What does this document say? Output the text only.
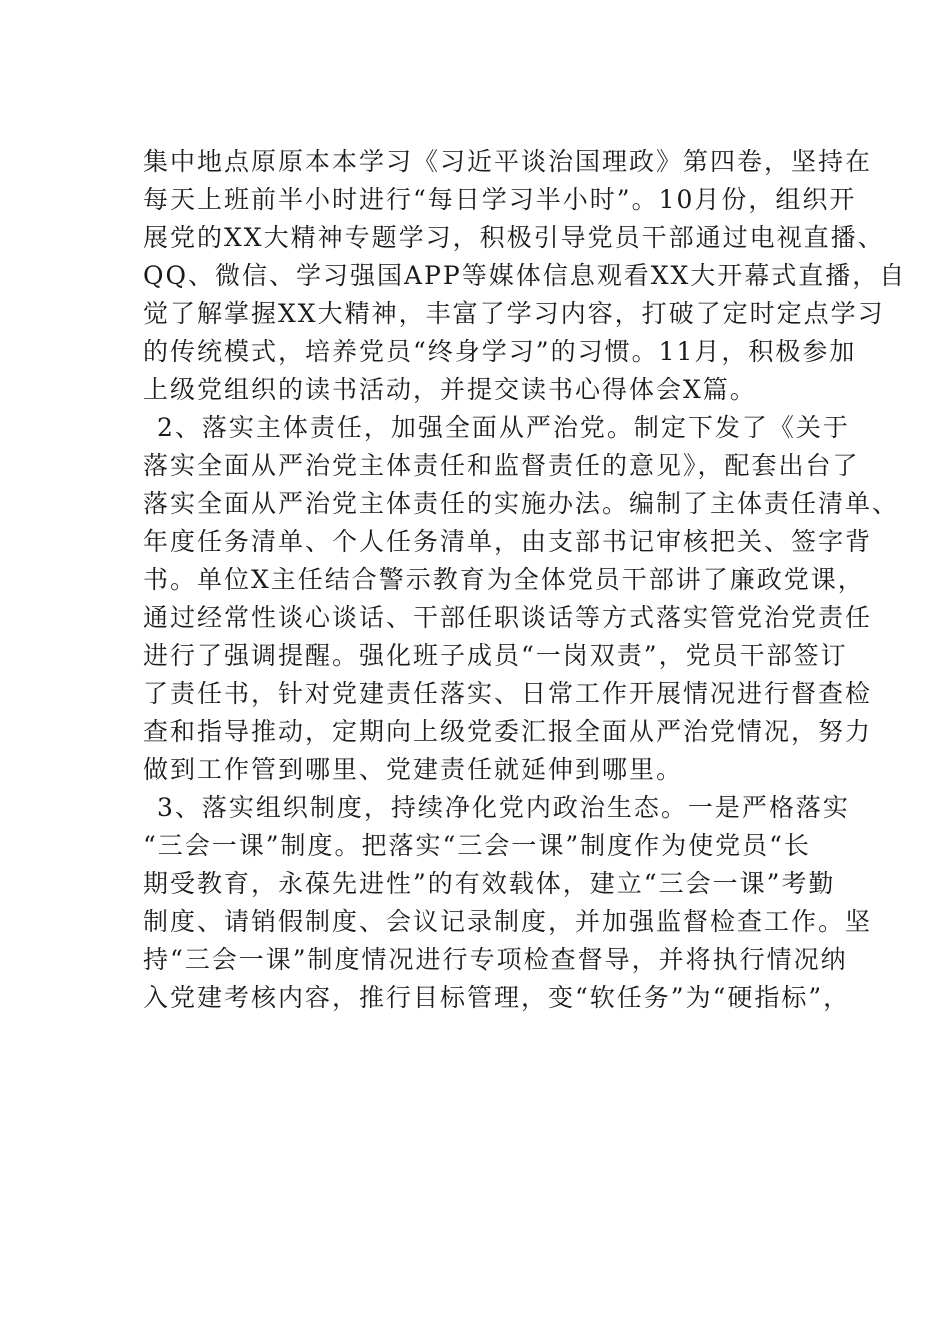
集中地点原原本本学习《习近平谈治国理政》第四卷，坚持在
每天上班前半小时进行“每日学习半小时”。10月份，组织开
展党的XX大精神专题学习，积极引导党员干部通过电视直播、
QQ、微信、学习强国APP等媒体信息观看XX大开幕式直播，自
觉了解掌握XX大精神，丰富了学习内容，打破了定时定点学习
的传统模式，培养党员“终身学习”的习惯。11月，积极参加
上级党组织的读书活动，并提交读书心得体会X篇。
2、落实主体责任，加强全面从严治党。制定下发了《关于
落实全面从严治党主体责任和监督责任的意见》，配套出台了
落实全面从严治党主体责任的实施办法。编制了主体责任清单、
年度任务清单、个人任务清单，由支部书记审核把关、签字背
书。单位X主任结合警示教育为全体党员干部讲了廉政党课，
通过经常性谈心谈话、干部任职谈话等方式落实管党治党责任
进行了强调提醒。强化班子成员“一岗双责”，党员干部签订
了责任书，针对党建责任落实、日常工作开展情况进行督查检
查和指导推动，定期向上级党委汇报全面从严治党情况，努力
做到工作管到哪里、党建责任就延伸到哪里。
3、落实组织制度，持续净化党内政治生态。一是严格落实
“三会一课”制度。把落实“三会一课”制度作为使党员“长
期受教育，永葆先进性”的有效载体，建立“三会一课”考勤
制度、请销假制度、会议记录制度，并加强监督检查工作。坚
持“三会一课”制度情况进行专项检查督导，并将执行情况纳
入党建考核内容，推行目标管理，变“软任务”为“硬指标”，
